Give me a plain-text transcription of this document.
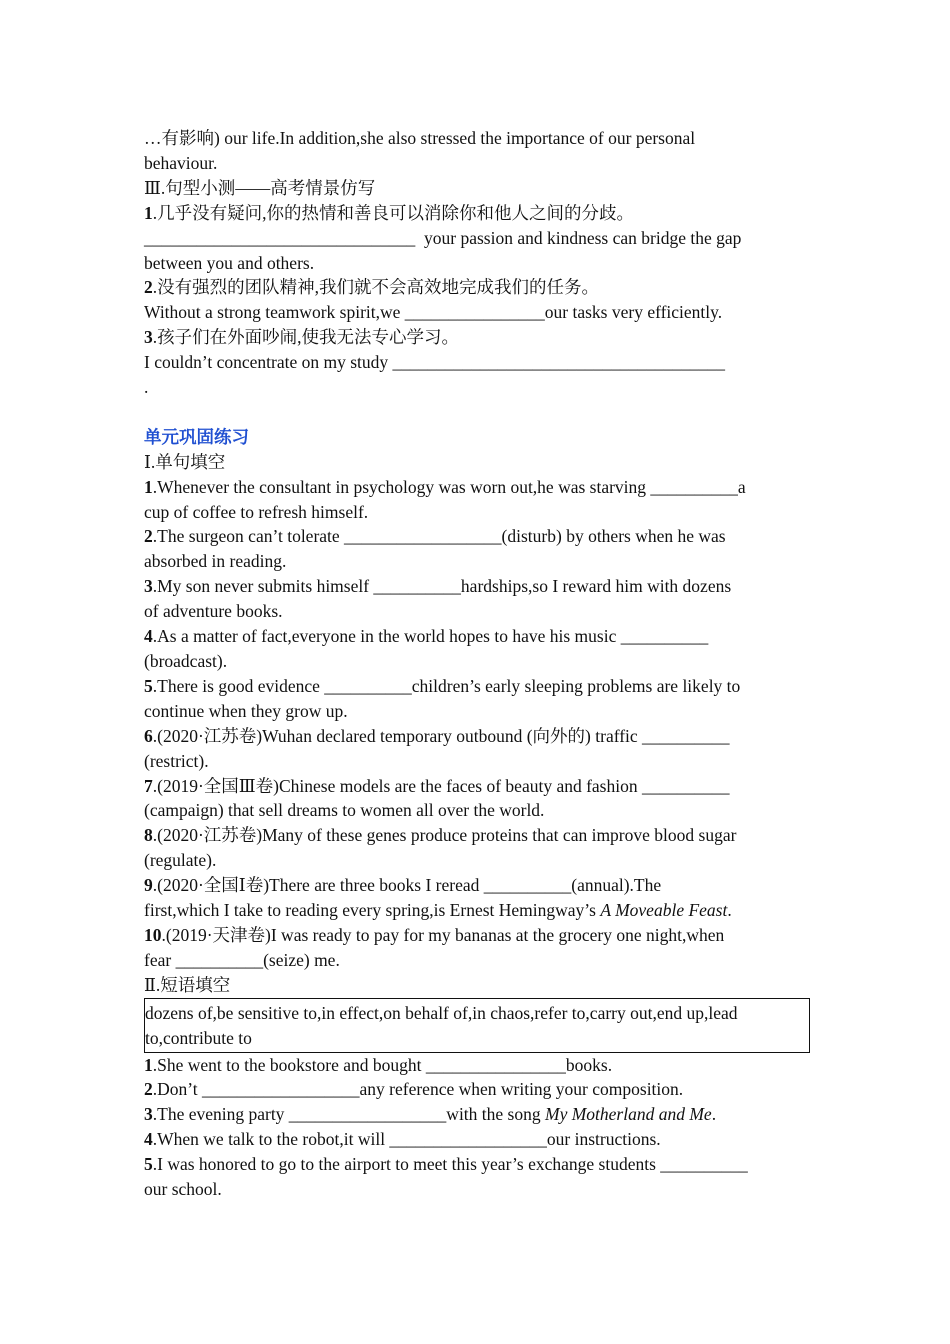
…有影响) our life.In addition,she also stressed the importance of our personal
behaviour.
Ⅲ.句型小测——高考情景仿写
1.几乎没有疑问,你的热情和善良可以消除你和他人之间的分歧。
_______________________________  your passion and kindness can bridge the gap
between you and others.
2.没有强烈的团队精神,我们就不会高效地完成我们的任务。
Without a strong teamwork spirit,we ________________our tasks very efficiently.
3.孩子们在外面吵闹,使我无法专心学习。
I couldn’t concentrate on my study ______________________________________
.
单元巩固练习
Ⅰ.单句填空
1.Whenever the consultant in psychology was worn out,he was starving __________a
cup of coffee to refresh himself.
2.The surgeon can’t tolerate __________________(disturb) by others when he was
absorbed in reading.
3.My son never submits himself __________hardships,so I reward him with dozens
of adventure books.
4.As a matter of fact,everyone in the world hopes to have his music __________
(broadcast).
5.There is good evidence __________children’s early sleeping problems are likely to
continue when they grow up.
6.(2020·江苏卷)Wuhan declared temporary outbound (向外的) traffic __________
(restrict).
7.(2019·全国Ⅲ卷)Chinese models are the faces of beauty and fashion __________
(campaign) that sell dreams to women all over the world.
8.(2020·江苏卷)Many of these genes produce proteins that can improve blood sugar
(regulate).
9.(2020·全国Ⅰ卷)There are three books I reread __________(annual).The
first,which I take to reading every spring,is Ernest Hemingway’s A Moveable Feast.
10.(2019·天津卷)I was ready to pay for my bananas at the grocery one night,when
fear __________(seize) me.
Ⅱ.短语填空
dozens of,be sensitive to,in effect,on behalf of,in chaos,refer to,carry out,end up,lead
to,contribute to
1.She went to the bookstore and bought ________________books.
2.Don’t __________________any reference when writing your composition.
3.The evening party __________________with the song My Motherland and Me.
4.When we talk to the robot,it will __________________our instructions.
5.I was honored to go to the airport to meet this year’s exchange students __________
our school.
